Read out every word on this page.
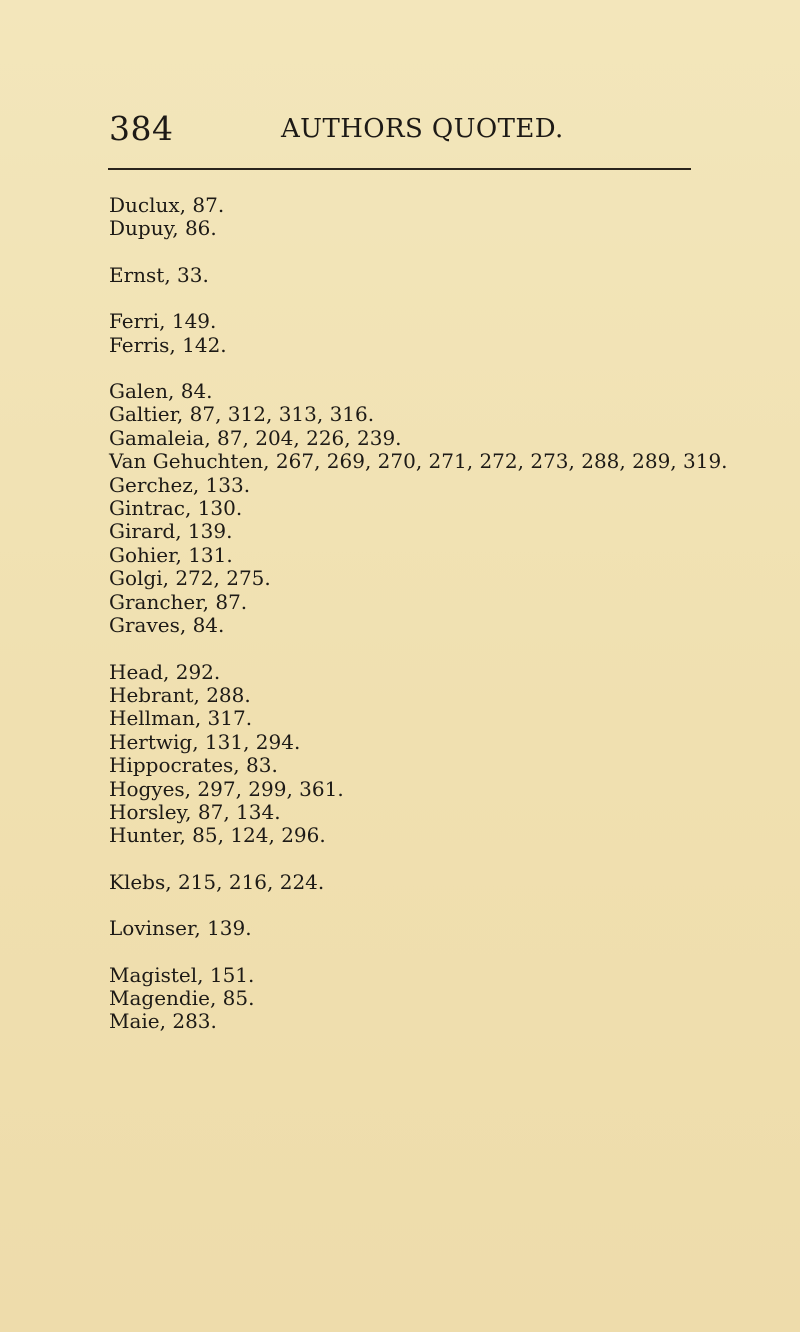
384	AUTHORS QUOTED.
Duclux, 87.
Dupuy, 86.
Ernst, 33.
Ferri, 149.
Ferris, 142.
Galen, 84.
Galtier, 87, 312, 313, 316.
Gamaleia, 87, 204, 226, 239.
Van Gehuchten, 267, 269, 270, 271, 272, 273, 288, 289, 319.
Gerchez, 133.
Gintrac, 130.
Girard, 139.
Gohier, 131.
Golgi, 272, 275.
Grancher, 87.
Graves, 84.
Head, 292.
Hebrant, 288.
Hellman, 317.
Hertwig, 131, 294.
Hippocrates, 83.
Hogyes, 297, 299, 361.
Horsley, 87, 134.
Hunter, 85, 124, 296.
Klebs, 215, 216, 224.
Lovinser, 139.
Magistel, 151.
Magendie, 85.
Maie, 283.
